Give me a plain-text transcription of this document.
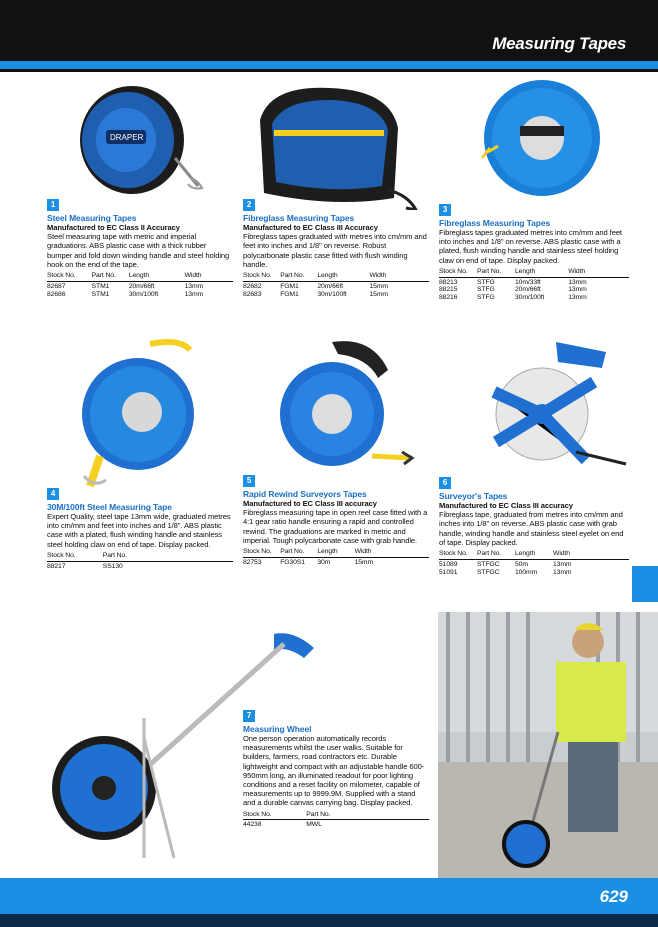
Measuring Tapes
DRAPER
1
Steel Measuring Tapes
Manufactured to EC Class II Accuracy
Steel measuring tape with metric and imperial graduations. ABS plastic case with a thick rubber bumper and fold down winding handle and steel holding hook on the end of the tape.
Stock No.	Part No.	Length	Width
82687	STM1	20m/66ft	13mm
82686	STM1	30m/100ft	13mm
2
Fibreglass Measuring Tapes
Manufactured to EC Class III Accuracy
Fibreglass tapes graduated with metres into cm/mm and feet into inches and 1/8" on reverse. Robust polycarbonate plastic case fitted with flush winding handle.
Stock No.	Part No.	Length	Width
82682	FGM1	20m/66ft	15mm
82683	FGM1	30m/100ft	15mm
3
Fibreglass Measuring Tapes
Fibreglass tapes graduated metres into cm/mm and feet into inches and 1/8" on reverse. ABS plastic case with a plated, flush winding handle and stainless steel holding claw on end of tape. Display packed.
Stock No.	Part No.	Length	Width
88213	STFG	10m/33ft	13mm
88215	STFG	20m/66ft	13mm
88216	STFG	30m/100ft	13mm
4
30M/100ft Steel Measuring Tape
Expert Quality, steel tape 13mm wide, graduated metres into cm/mm and feet into inches and 1/8". ABS plastic case with a plated, flush winding handle and stainless steel holding claw on end of tape. Display packed.
Stock No.	Part No.
88217	SS130
5
Rapid Rewind Surveyors Tapes
Manufactured to EC Class III accuracy
Fibreglass measuring tape in open reel case fitted with a 4:1 gear ratio handle ensuring a rapid and controlled rewind. The graduations are marked in metric and imperial. Tough polycarbonate case with grab handle.
Stock No.	Part No.	Length	Width
82753	FG30S1	30m	15mm
6
Surveyor's Tapes
Manufactured to EC Class III accuracy
Fibreglass tape, graduated from metres into cm/mm and inches into 1/8" on reverse. ABS plastic case with grab handle, winding handle and stainless steel eyelet on end of tape. Display packed.
Stock No.	Part No.	Length	Width
51089	STFGC	50m	13mm
51091	STFGC	100mm	13mm
7
Measuring Wheel
One person operation automatically records measurements whilst the user walks. Suitable for builders, farmers, road contractors etc. Durable lightweight and compact with an adjustable handle 600-950mm long, an illuminated readout for poor lighting conditions and a reset facility on milometer, capable of measurements up to 9999.9M. Supplied with a stand and a durable canvas carrying bag. Display packed.
Stock No.	Part No.
44238	MWL
629
